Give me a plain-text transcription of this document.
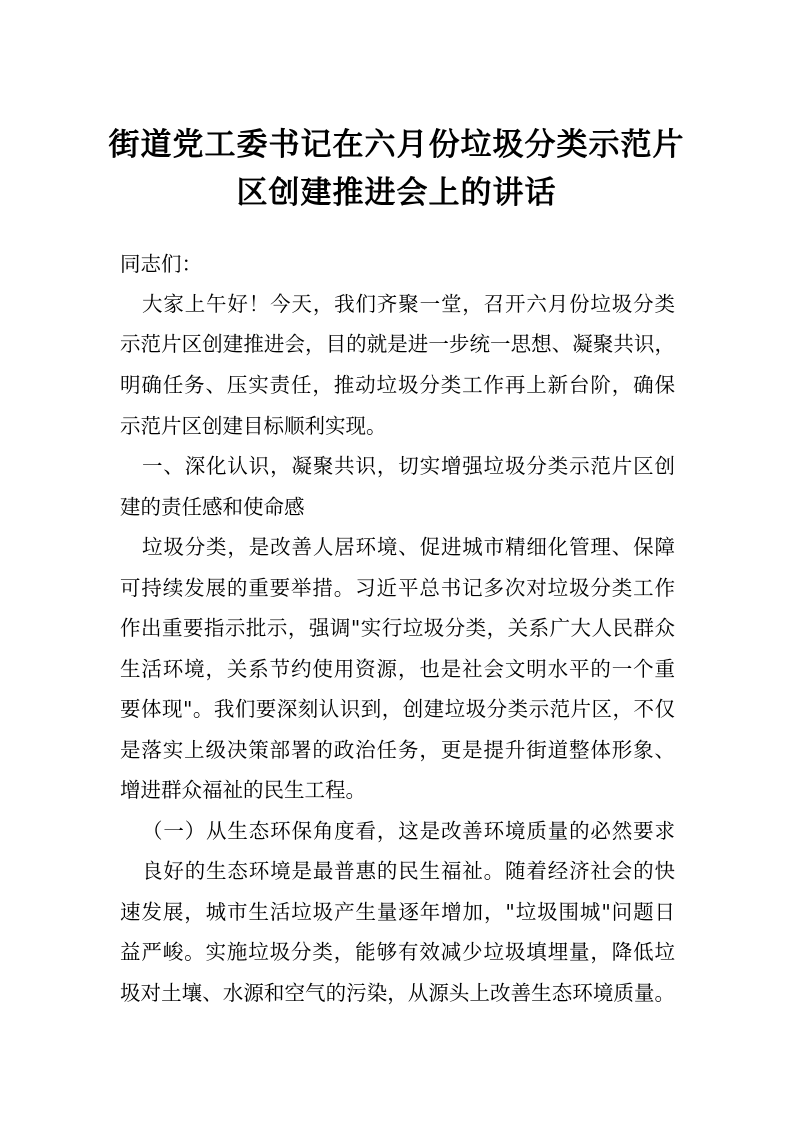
街道党工委书记在六月份垃圾分类示范片
区创建推进会上的讲话
同志们：
大家上午好！今天，我们齐聚一堂，召开六月份垃圾分类
示范片区创建推进会，目的就是进一步统一思想、凝聚共识，
明确任务、压实责任，推动垃圾分类工作再上新台阶，确保
示范片区创建目标顺利实现。
一、深化认识，凝聚共识，切实增强垃圾分类示范片区创
建的责任感和使命感
垃圾分类，是改善人居环境、促进城市精细化管理、保障
可持续发展的重要举措。习近平总书记多次对垃圾分类工作
作出重要指示批示，强调"实行垃圾分类，关系广大人民群众
生活环境，关系节约使用资源，也是社会文明水平的一个重
要体现"。我们要深刻认识到，创建垃圾分类示范片区，不仅
是落实上级决策部署的政治任务，更是提升街道整体形象、
增进群众福祉的民生工程。
（一）从生态环保角度看，这是改善环境质量的必然要求
良好的生态环境是最普惠的民生福祉。随着经济社会的快
速发展，城市生活垃圾产生量逐年增加，"垃圾围城"问题日
益严峻。实施垃圾分类，能够有效减少垃圾填埋量，降低垃
圾对土壤、水源和空气的污染，从源头上改善生态环境质量。
